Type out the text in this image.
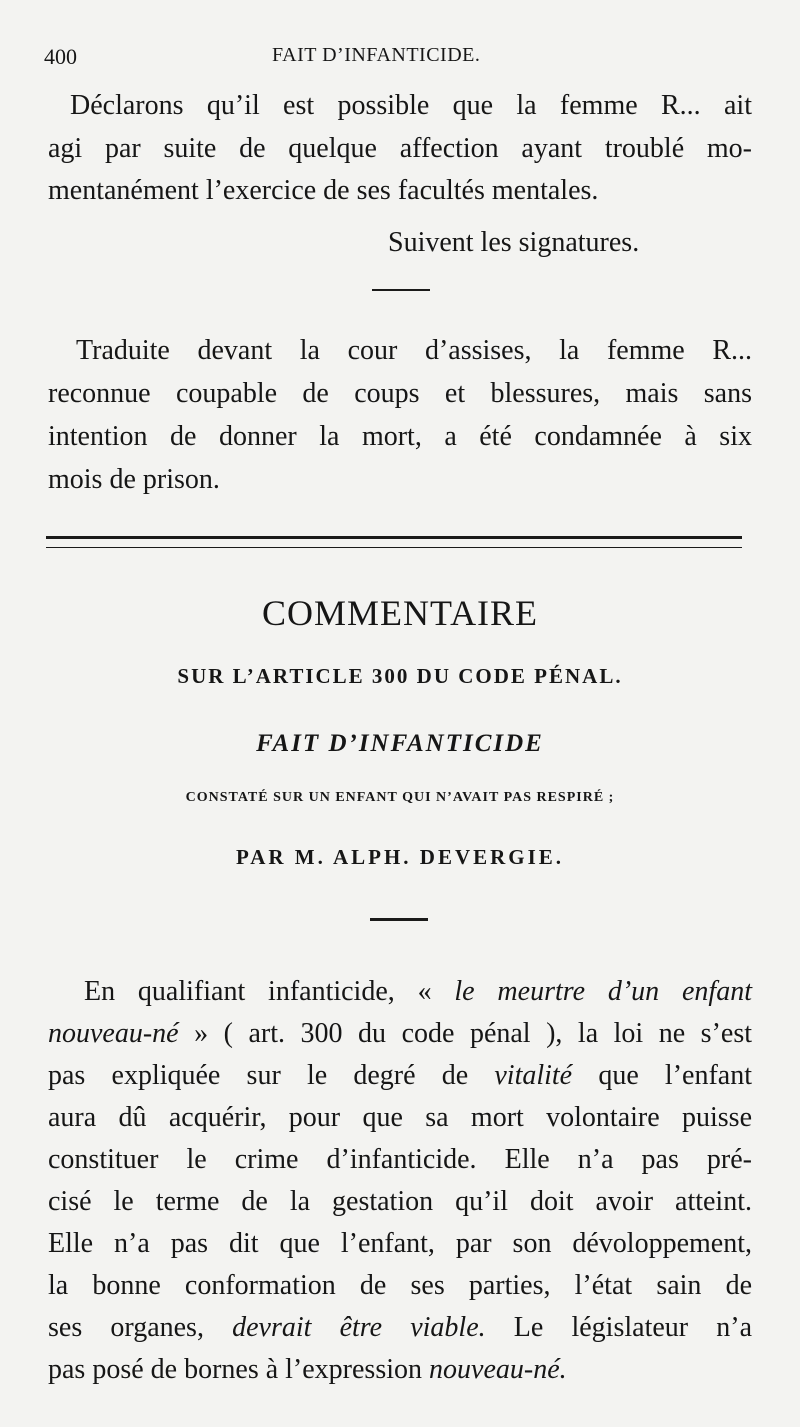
400	FAIT D’INFANTICIDE.
Déclarons qu’il est possible que la femme R... ait
agi par suite de quelque affection ayant troublé mo-
mentanément l’exercice de ses facultés mentales.
Suivent les signatures.
Traduite devant la cour d’assises, la femme R...
reconnue coupable de coups et blessures, mais sans
intention de donner la mort, a été condamnée à six
mois de prison.
COMMENTAIRE
SUR L’ARTICLE 300 DU CODE PÉNAL.
FAIT D’INFANTICIDE
CONSTATÉ SUR UN ENFANT QUI N’AVAIT PAS RESPIRÉ ;
PAR M. ALPH. DEVERGIE.
En qualifiant infanticide, « le meurtre d’un enfant
nouveau-né » ( art. 300 du code pénal ), la loi ne s’est
pas expliquée sur le degré de vitalité que l’enfant
aura dû acquérir, pour que sa mort volontaire puisse
constituer le crime d’infanticide. Elle n’a pas pré-
cisé le terme de la gestation qu’il doit avoir atteint.
Elle n’a pas dit que l’enfant, par son dévoloppement,
la bonne conformation de ses parties, l’état sain de
ses organes, devrait être viable. Le législateur n’a
pas posé de bornes à l’expression nouveau-né.
